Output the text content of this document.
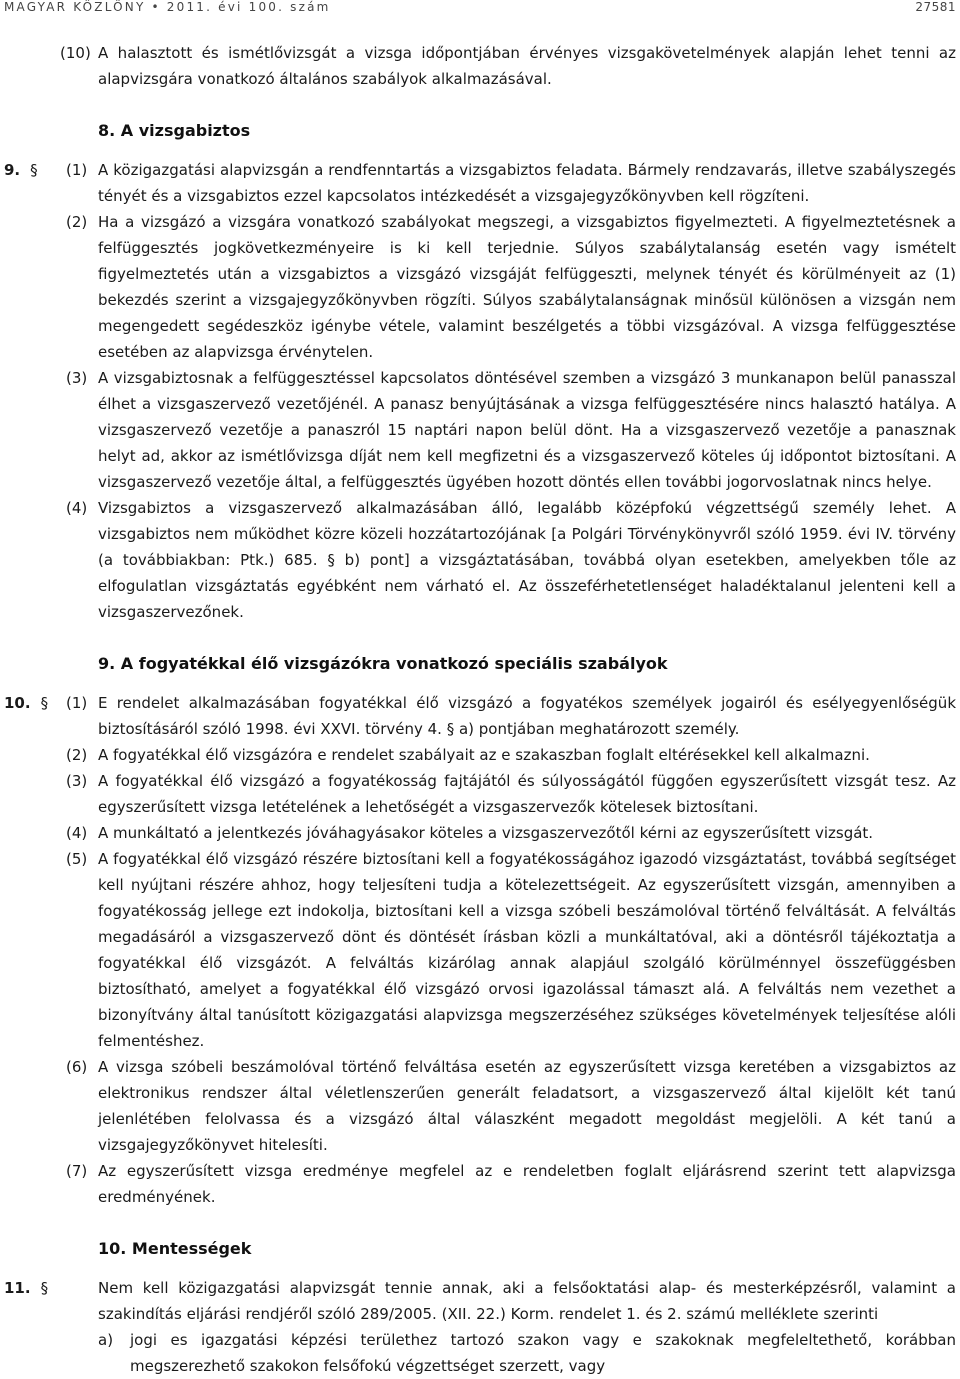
MAGYAR KÖZLÖNY • 2011. évi 100. szám	27581
(10) A halasztott és ismétlővizsgát a vizsga időpontjában érvényes vizsgakövetelmények alapján lehet tenni az alapvizsgára vonatkozó általános szabályok alkalmazásával.
8. A vizsgabiztos
9. § (1) A közigazgatási alapvizsgán a rendfenntartás a vizsgabiztos feladata. Bármely rendzavarás, illetve szabályszegés tényét és a vizsgabiztos ezzel kapcsolatos intézkedését a vizsgajegyzőkönyvben kell rögzíteni.
(2) Ha a vizsgázó a vizsgára vonatkozó szabályokat megszegi, a vizsgabiztos figyelmezteti. A figyelmeztetésnek a felfüggesztés jogkövetkezményeire is ki kell terjednie. Súlyos szabálytalanság esetén vagy ismételt figyelmeztetés után a vizsgabiztos a vizsgázó vizsgáját felfüggeszti, melynek tényét és körülményeit az (1) bekezdés szerint a vizsgajegyzőkönyvben rögzíti. Súlyos szabálytalanságnak minősül különösen a vizsgán nem megengedett segédeszköz igénybe vétele, valamint beszélgetés a többi vizsgázóval. A vizsga felfüggesztése esetében az alapvizsga érvénytelen.
(3) A vizsgabiztosnak a felfüggesztéssel kapcsolatos döntésével szemben a vizsgázó 3 munkanapon belül panasszal élhet a vizsgaszervező vezetőjénél. A panasz benyújtásának a vizsga felfüggesztésére nincs halasztó hatálya. A vizsgaszervező vezetője a panaszról 15 naptári napon belül dönt. Ha a vizsgaszervező vezetője a panasznak helyt ad, akkor az ismétlővizsga díját nem kell megfizetni és a vizsgaszervező köteles új időpontot biztosítani. A vizsgaszervező vezetője által, a felfüggesztés ügyében hozott döntés ellen további jogorvoslatnak nincs helye.
(4) Vizsgabiztos a vizsgaszervező alkalmazásában álló, legalább középfokú végzettségű személy lehet. A vizsgabiztos nem működhet közre közeli hozzátartozójának [a Polgári Törvénykönyvről szóló 1959. évi IV. törvény (a továbbiakban: Ptk.) 685. § b) pont] a vizsgáztatásában, továbbá olyan esetekben, amelyekben tőle az elfogulatlan vizsgáztatás egyébként nem várható el. Az összeférhetetlenséget haladéktalanul jelenteni kell a vizsgaszervezőnek.
9. A fogyatékkal élő vizsgázókra vonatkozó speciális szabályok
10. § (1) E rendelet alkalmazásában fogyatékkal élő vizsgázó a fogyatékos személyek jogairól és esélyegyenlőségük biztosításáról szóló 1998. évi XXVI. törvény 4. § a) pontjában meghatározott személy.
(2) A fogyatékkal élő vizsgázóra e rendelet szabályait az e szakaszban foglalt eltérésekkel kell alkalmazni.
(3) A fogyatékkal élő vizsgázó a fogyatékosság fajtájától és súlyosságától függően egyszerűsített vizsgát tesz. Az egyszerűsített vizsga letételének a lehetőségét a vizsgaszervezők kötelesek biztosítani.
(4) A munkáltató a jelentkezés jóváhagyásakor köteles a vizsgaszervezőtől kérni az egyszerűsített vizsgát.
(5) A fogyatékkal élő vizsgázó részére biztosítani kell a fogyatékosságához igazodó vizsgáztatást, továbbá segítséget kell nyújtani részére ahhoz, hogy teljesíteni tudja a kötelezettségeit. Az egyszerűsített vizsgán, amennyiben a fogyatékosság jellege ezt indokolja, biztosítani kell a vizsga szóbeli beszámolóval történő felváltását. A felváltás megadásáról a vizsgaszervező dönt és döntését írásban közli a munkáltatóval, aki a döntésről tájékoztatja a fogyatékkal élő vizsgázót. A felváltás kizárólag annak alapjául szolgáló körülménnyel összefüggésben biztosítható, amelyet a fogyatékkal élő vizsgázó orvosi igazolással támaszt alá. A felváltás nem vezethet a bizonyítvány által tanúsított közigazgatási alapvizsga megszerzéséhez szükséges követelmények teljesítése alóli felmentéshez.
(6) A vizsga szóbeli beszámolóval történő felváltása esetén az egyszerűsített vizsga keretében a vizsgabiztos az elektronikus rendszer által véletlenszerűen generált feladatsort, a vizsgaszervező által kijelölt két tanú jelenlétében felolvassa és a vizsgázó által válaszként megadott megoldást megjelöli. A két tanú a vizsgajegyzőkönyvet hitelesíti.
(7) Az egyszerűsített vizsga eredménye megfelel az e rendeletben foglalt eljárásrend szerint tett alapvizsga eredményének.
10. Mentességek
11. §	Nem kell közigazgatási alapvizsgát tennie annak, aki a felsőoktatási alap- és mesterképzésről, valamint a szakindítás eljárási rendjéről szóló 289/2005. (XII. 22.) Korm. rendelet 1. és 2. számú melléklete szerinti
a) jogi es igazgatási képzési területhez tartozó szakon vagy e szakoknak megfeleltethető, korábban megszerezhető szakokon felsőfokú végzettséget szerzett, vagy
